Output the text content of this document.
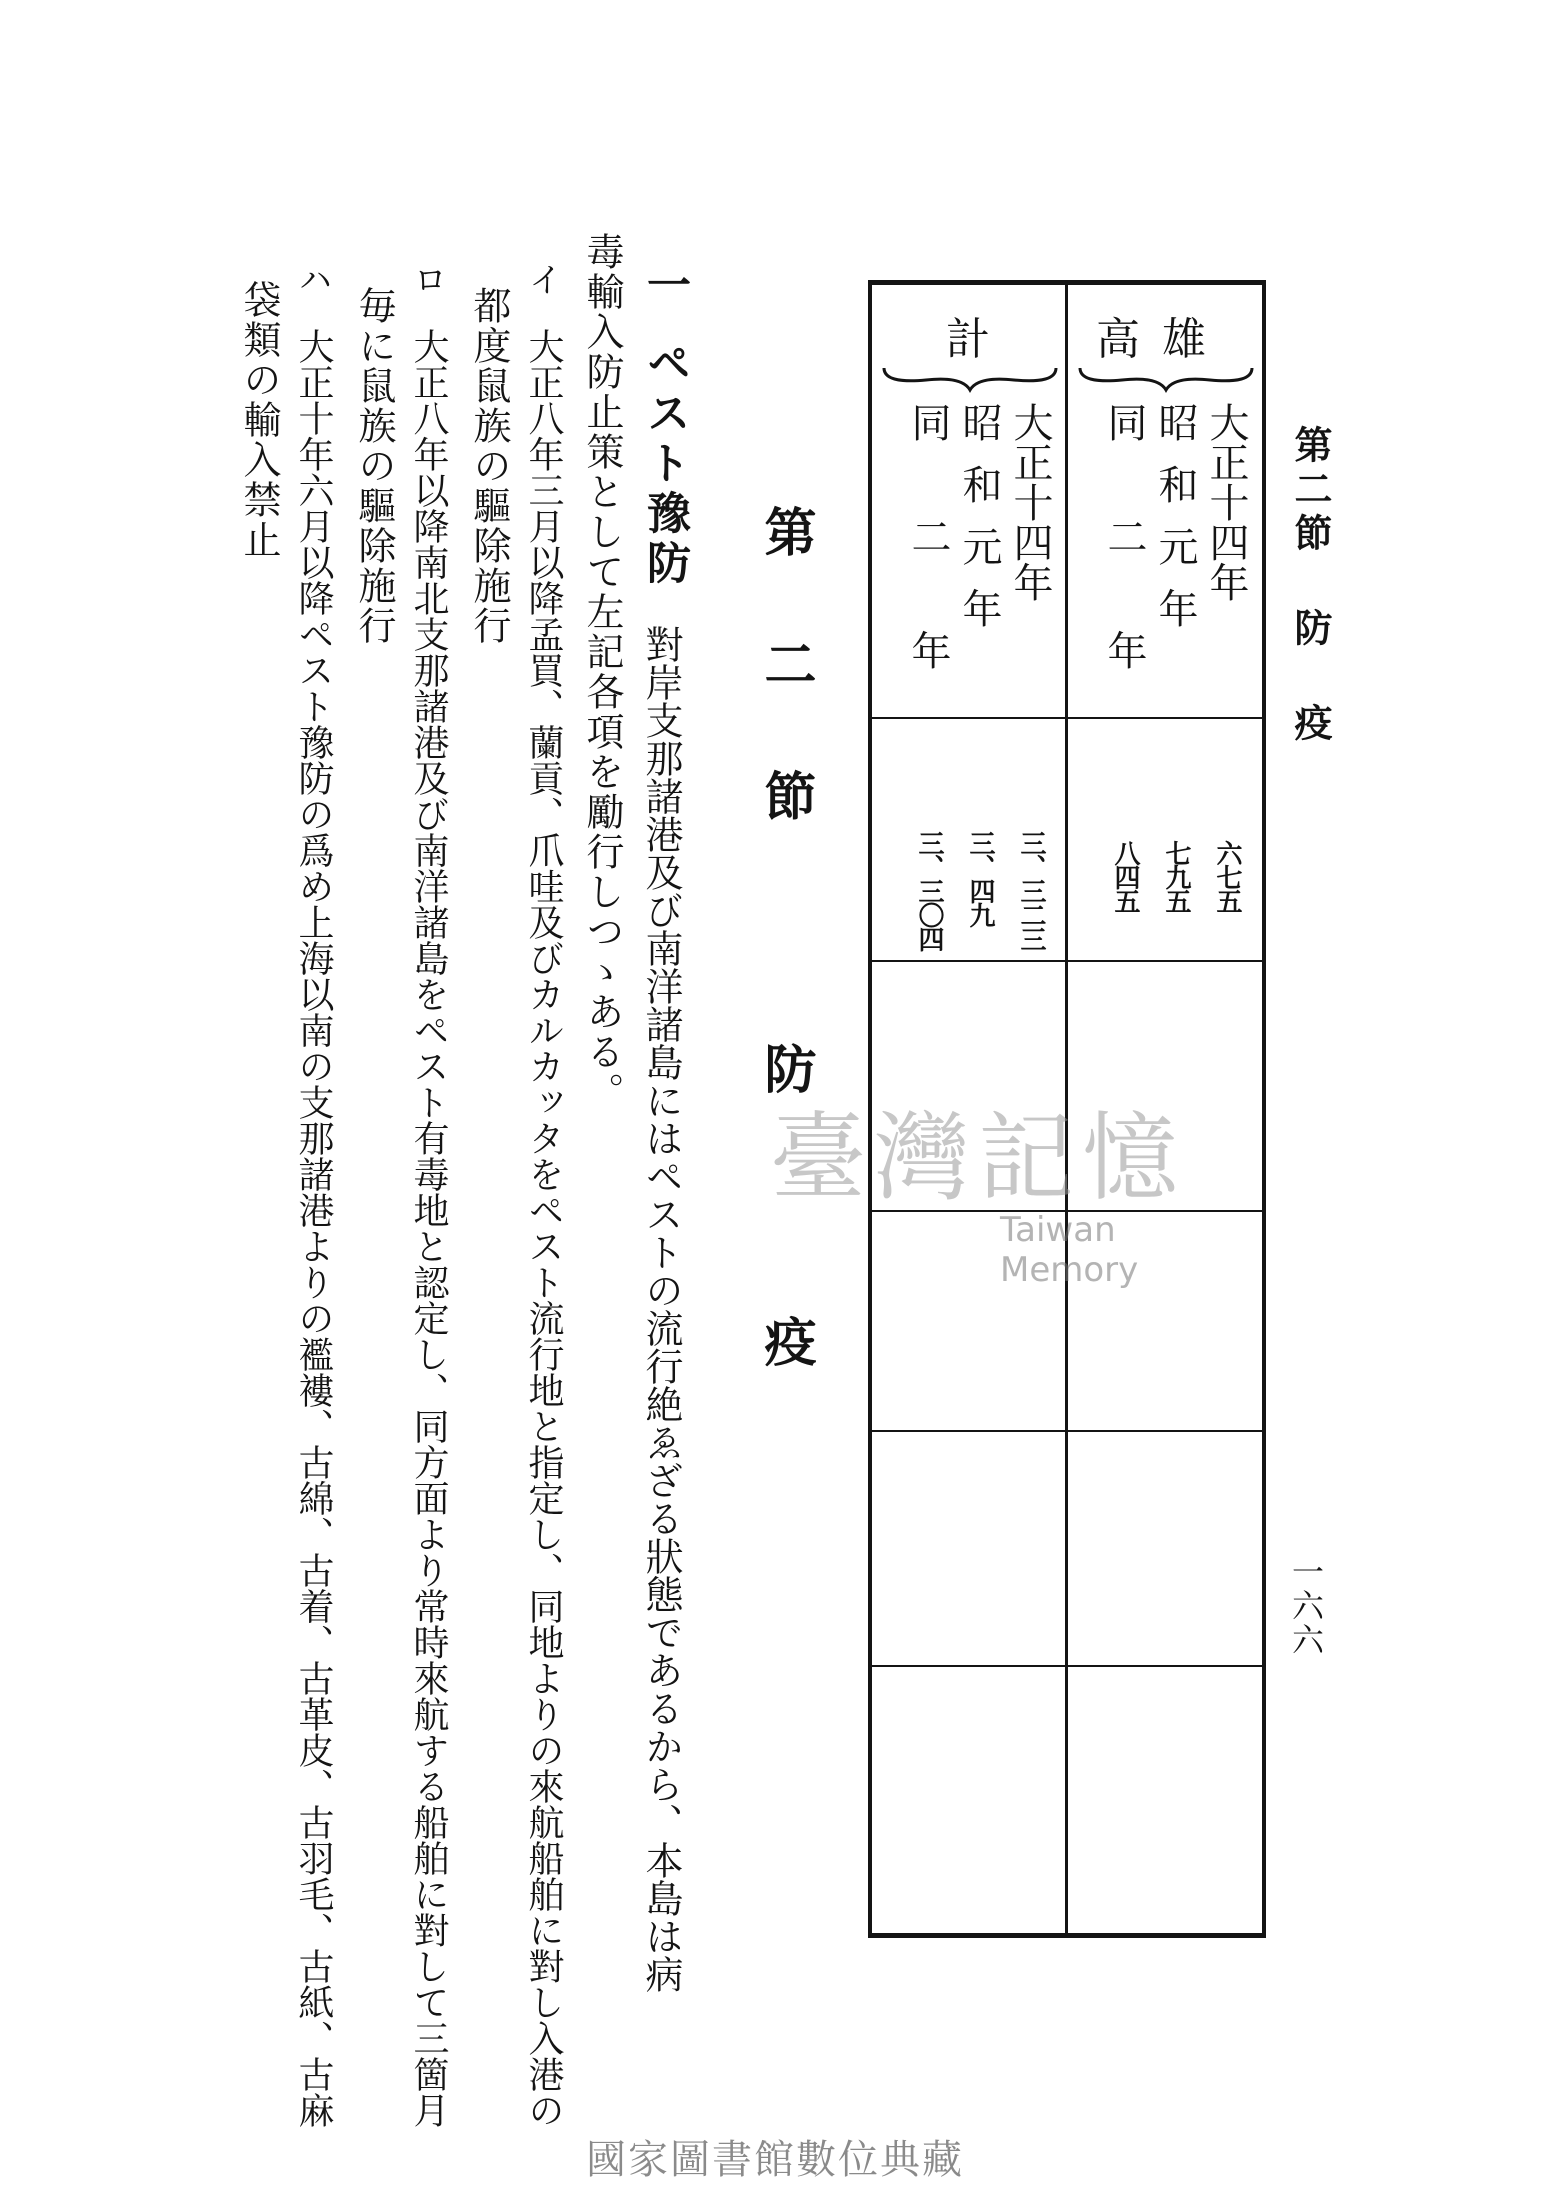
第二節 防 疫
一六六
高雄
大正十四年
昭和元年
同 二 年
計
大正十四年
昭和元年
同 二 年
六七五
七九五
八四五
三、三二三
三、四九
三、三〇四
第二節 防 疫
一
ペスト豫防
對岸支那諸港及び南洋諸島にはペストの流行絶ゑざる狀態であるから、本島は病
毒輸入防止策として左記各項を勵行しつゝある。
イ
大正八年三月以降孟買、蘭貢、爪哇及びカルカッタをペスト流行地と指定し、同地よりの來航船舶に對し入港の
都度鼠族の驅除施行
ロ
大正八年以降南北支那諸港及び南洋諸島をペスト有毒地と認定し、同方面より常時來航する船舶に對して三箇月
毎に鼠族の驅除施行
ハ
大正十年六月以降ペスト豫防の爲め上海以南の支那諸港よりの襤褸、古綿、古着、古革皮、古羽毛、古紙、古麻
袋類の輸入禁止
臺灣記憶
Taiwan Memory
國家圖書館數位典藏
